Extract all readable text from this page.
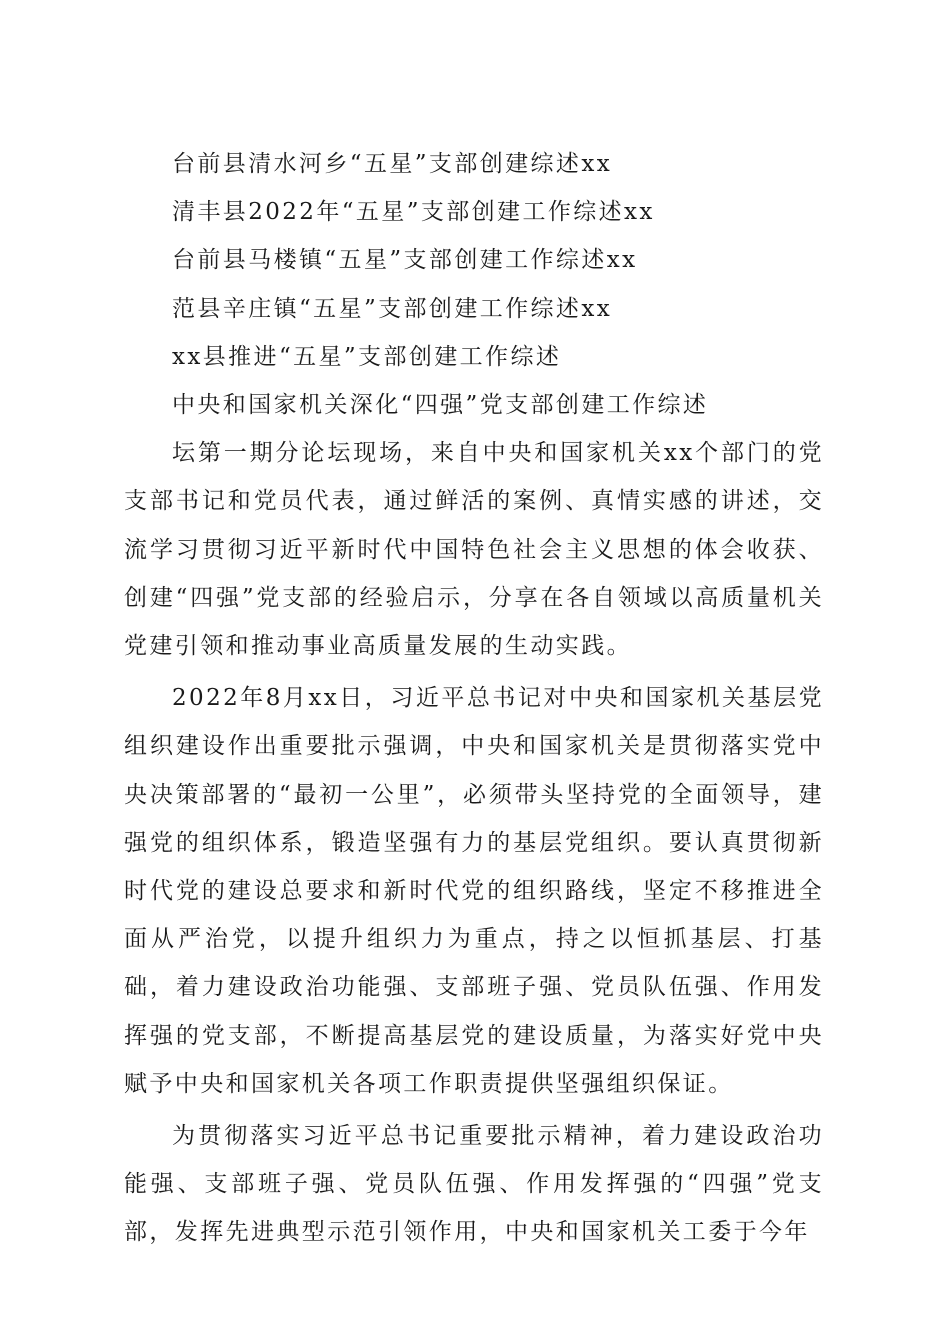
台前县清水河乡“五星”支部创建综述xx

清丰县2022年“五星”支部创建工作综述xx

台前县马楼镇“五星”支部创建工作综述xx

范县辛庄镇“五星”支部创建工作综述xx

xx县推进“五星”支部创建工作综述

中央和国家机关深化“四强”党支部创建工作综述

坛第一期分论坛现场，来自中央和国家机关xx个部门的党支部书记和党员代表，通过鲜活的案例、真情实感的讲述，交流学习贯彻习近平新时代中国特色社会主义思想的体会收获、创建“四强”党支部的经验启示，分享在各自领域以高质量机关党建引领和推动事业高质量发展的生动实践。

2022年8月xx日，习近平总书记对中央和国家机关基层党组织建设作出重要批示强调，中央和国家机关是贯彻落实党中央决策部署的“最初一公里”，必须带头坚持党的全面领导，建强党的组织体系，锻造坚强有力的基层党组织。要认真贯彻新时代党的建设总要求和新时代党的组织路线，坚定不移推进全面从严治党，以提升组织力为重点，持之以恒抓基层、打基础，着力建设政治功能强、支部班子强、党员队伍强、作用发挥强的党支部，不断提高基层党的建设质量，为落实好党中央赋予中央和国家机关各项工作职责提供坚强组织保证。

为贯彻落实习近平总书记重要批示精神，着力建设政治功能强、支部班子强、党员队伍强、作用发挥强的“四强”党支部，发挥先进典型示范引领作用，中央和国家机关工委于今年
